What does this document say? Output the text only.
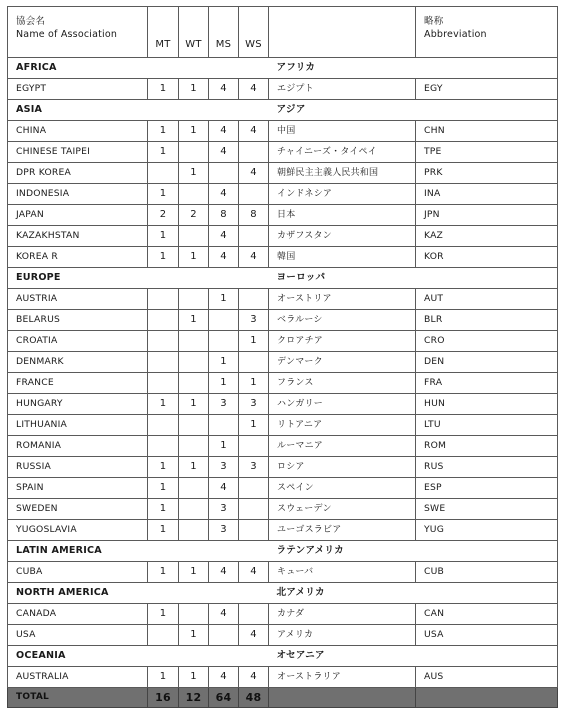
協会名
Name of Association	MT	WT	MS	WS		略称
Abbreviation

AFRICA					アフリカ	
EGYPT	1	1	4	4	エジプト	EGY
ASIA					アジア	
CHINA	1	1	4	4	中国	CHN
CHINESE TAIPEI	1		4		チャイニーズ・タイペイ	TPE
DPR KOREA		1		4	朝鮮民主主義人民共和国	PRK
INDONESIA	1		4		インドネシア	INA
JAPAN	2	2	8	8	日本	JPN
KAZAKHSTAN	1		4		カザフスタン	KAZ
KOREA R	1	1	4	4	韓国	KOR
EUROPE					ヨーロッパ	
AUSTRIA			1		オーストリア	AUT
BELARUS		1		3	ベラルーシ	BLR
CROATIA				1	クロアチア	CRO
DENMARK			1		デンマーク	DEN
FRANCE			1	1	フランス	FRA
HUNGARY	1	1	3	3	ハンガリー	HUN
LITHUANIA				1	リトアニア	LTU
ROMANIA			1		ルーマニア	ROM
RUSSIA	1	1	3	3	ロシア	RUS
SPAIN	1		4		スペイン	ESP
SWEDEN	1		3		スウェーデン	SWE
YUGOSLAVIA	1		3		ユーゴスラビア	YUG
LATIN AMERICA					ラテンアメリカ	
CUBA	1	1	4	4	キューバ	CUB
NORTH AMERICA					北アメリカ	
CANADA	1		4		カナダ	CAN
USA		1		4	アメリカ	USA
OCEANIA					オセアニア	
AUSTRALIA	1	1	4	4	オーストラリア	AUS
TOTAL	16	12	64	48		
